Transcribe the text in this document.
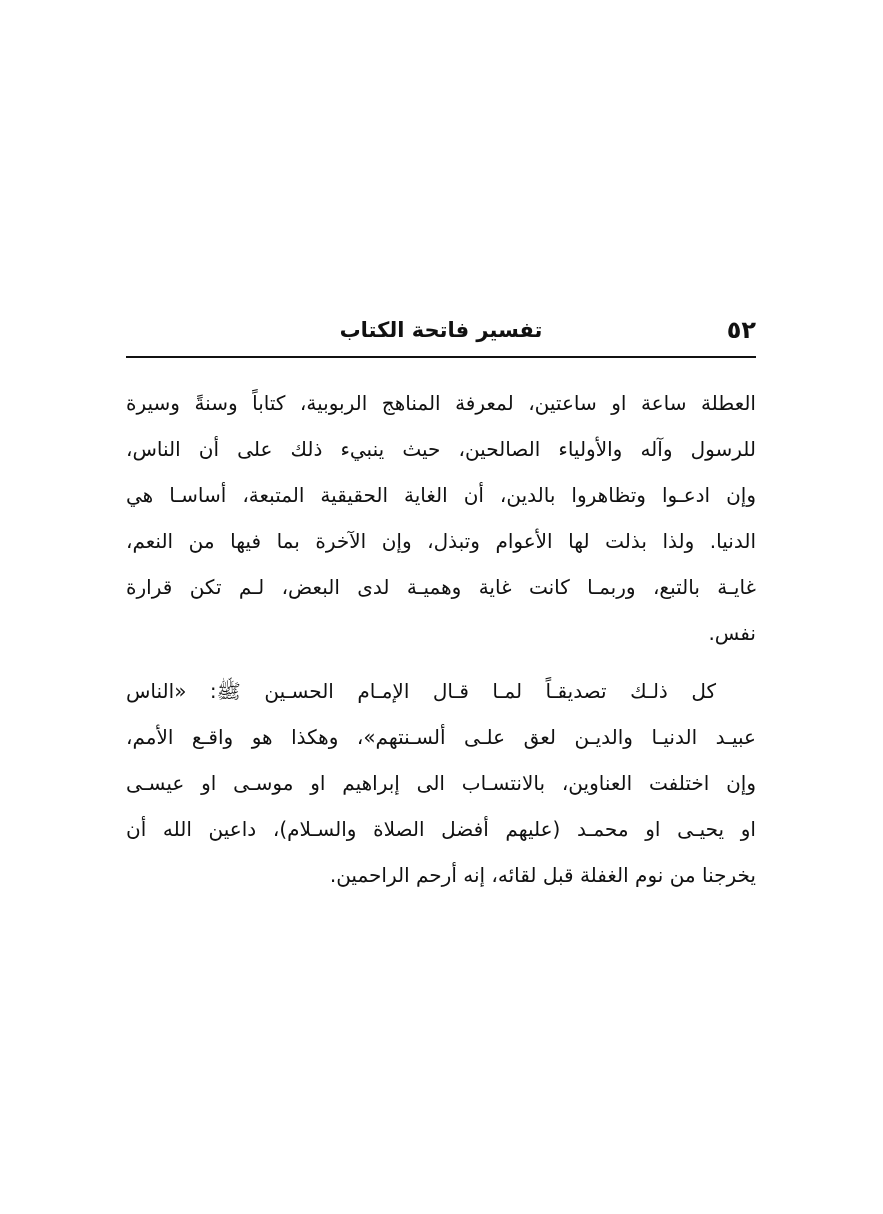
٥٢
تفسير فاتحة الكتاب
العطلة ساعة او ساعتين، لمعرفة المناهج الربوبية، كتاباً وسنةً وسيرة
للرسول وآله والأولياء الصالحين، حيث ينبيء ذلك على أن الناس،
وإن ادعـوا وتظاهروا بالدين، أن الغاية الحقيقية المتبعة، أساسـا هي
الدنيا. ولذا بذلت لها الأعوام وتبذل، وإن الآخرة بما فيها من النعم،
غايـة بالتبع، وربمـا كانت غاية وهميـة لدى البعض، لـم تكن قرارة
نفس.
كل ذلـك تصديقـاً لمـا قـال الإمـام الحسـين ﷺ: «الناس
عبيـد الدنيـا والديـن لعق علـى ألسـنتهم»، وهكذا هو واقـع الأمم،
وإن اختلفت العناوين، بالانتسـاب الى إبراهيم او موسـى او عيسـى
او يحيـى او محمـد (عليهم أفضل الصلاة والسـلام)، داعين الله أن
يخرجنا من نوم الغفلة قبل لقائه، إنه أرحم الراحمين.
